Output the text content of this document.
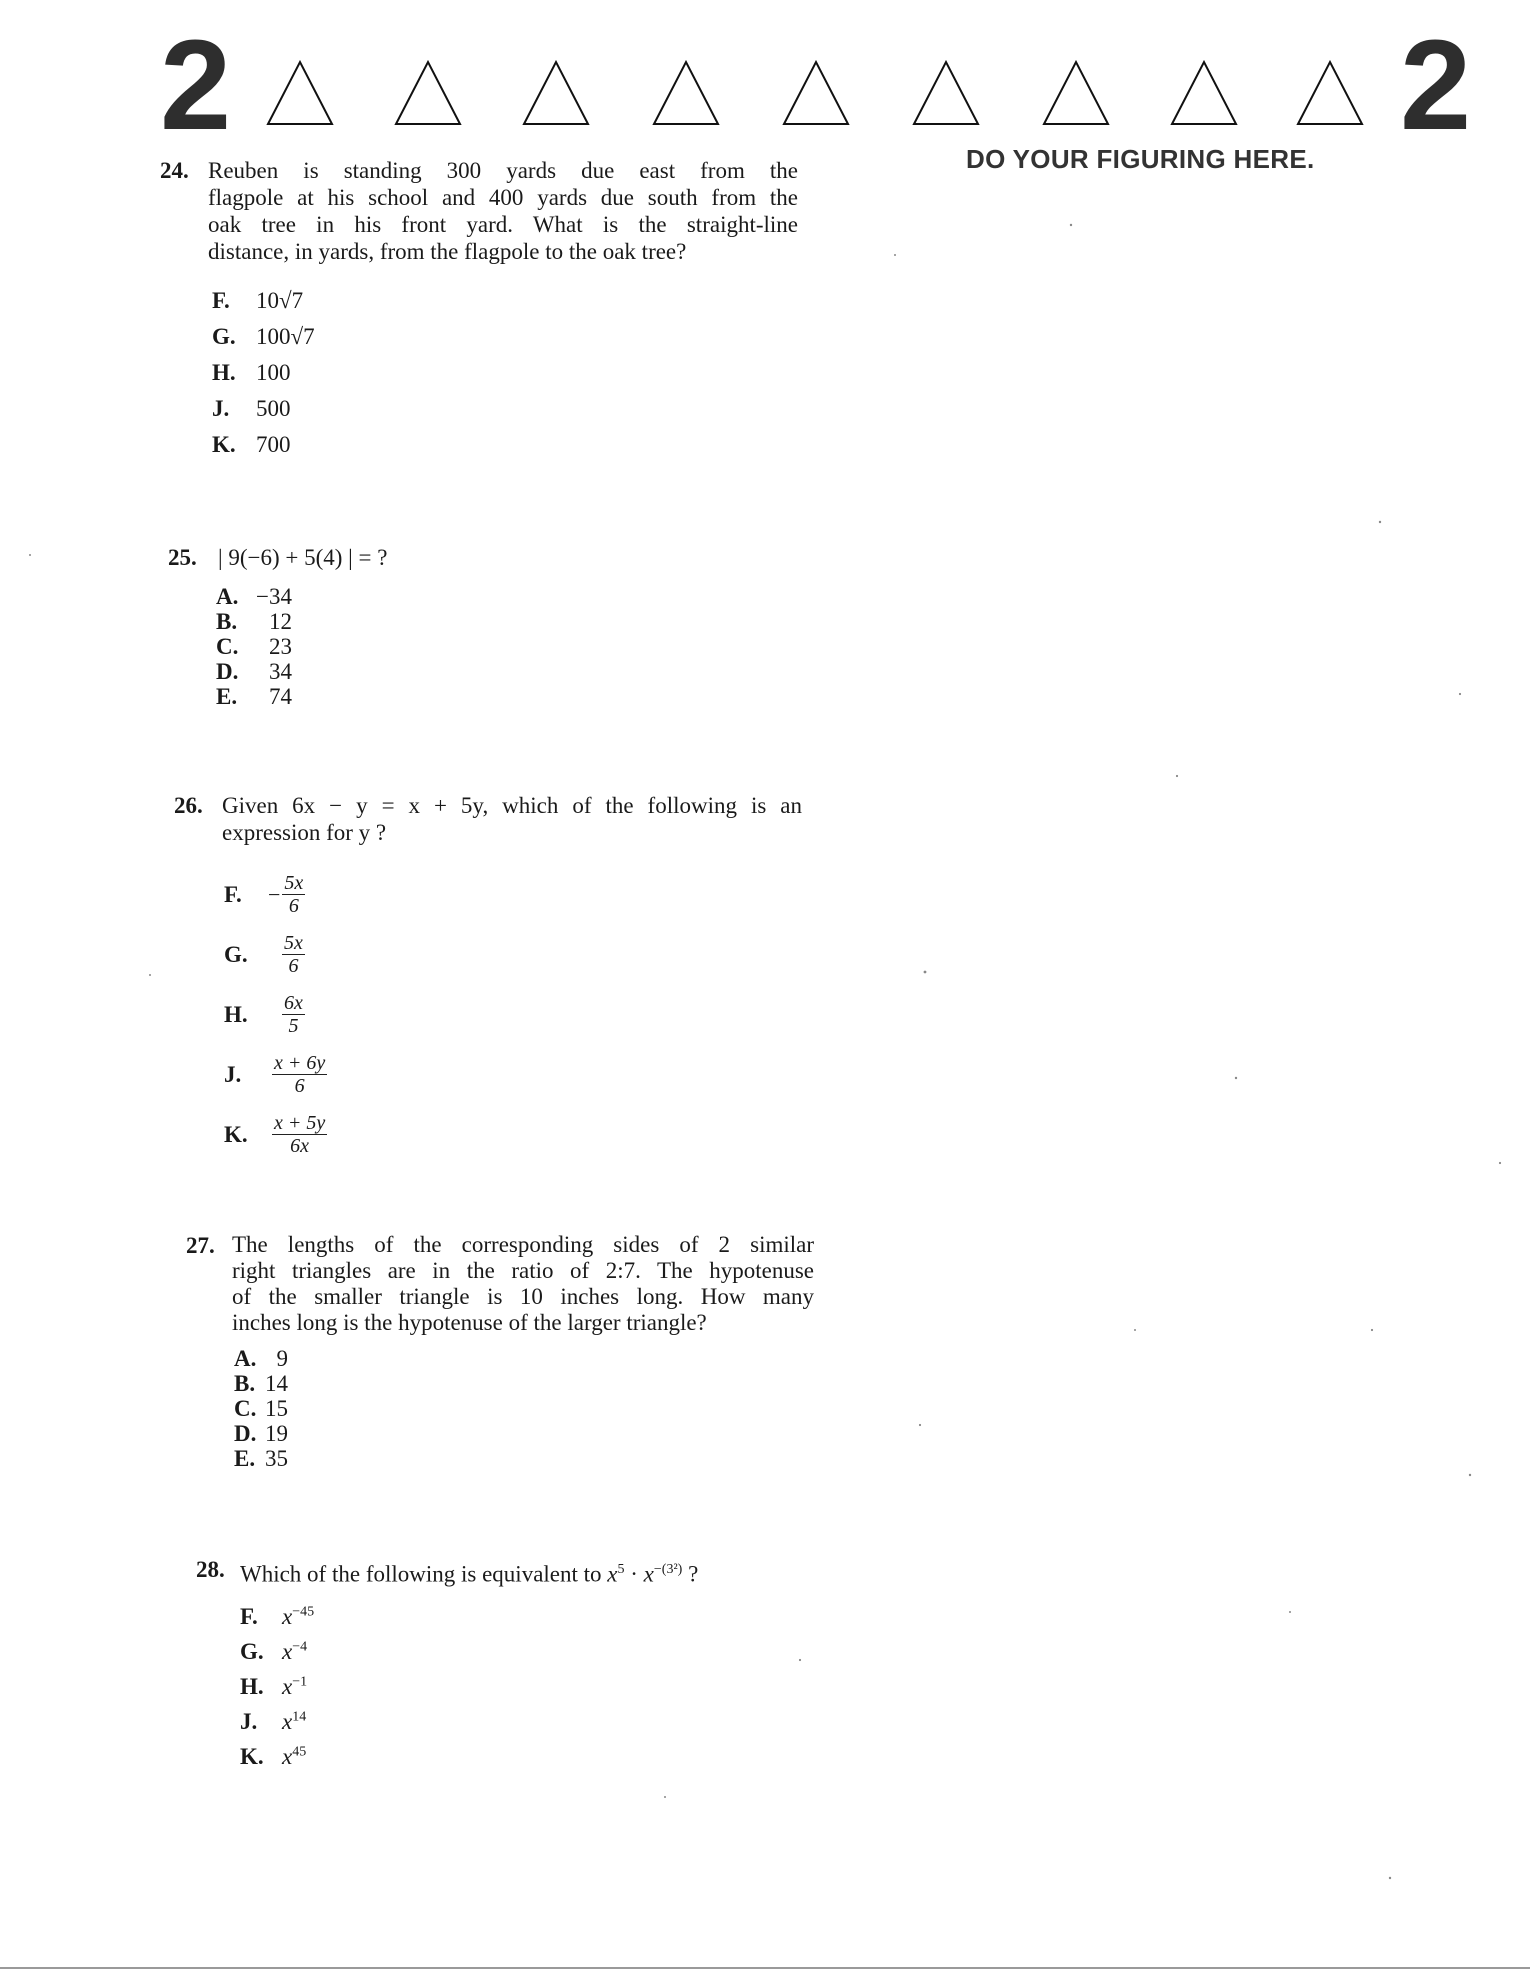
2	2
DO YOUR FIGURING HERE.
24. Reuben is standing 300 yards due east from the
flagpole at his school and 400 yards due south from the
oak tree in his front yard. What is the straight-line
distance, in yards, from the flagpole to the oak tree?
F. 10√7
G. 100√7
H. 100
J. 500
K. 700
25. | 9(−6) + 5(4) | = ?
A. −34
B. 12
C. 23
D. 34
E. 74
26. Given 6x − y = x + 5y, which of the following is an
expression for y ?
F. − $\frac{5x}{6}$
G. $\frac{5x}{6}$
H. $\frac{6x}{5}$
J. $\frac{x + 6y}{6}$
K. $\frac{x + 5y}{6x}$
27. The lengths of the corresponding sides of 2 similar
right triangles are in the ratio of 2:7. The hypotenuse
of the smaller triangle is 10 inches long. How many
inches long is the hypotenuse of the larger triangle?
A. 9
B. 14
C. 15
D. 19
E. 35
28. Which of the following is equivalent to $x^5 \cdot x^{-(3^2)}$ ?
F. $x^{-45}$
G. $x^{-4}$
H. $x^{-1}$
J. $x^{14}$
K. $x^{45}$
